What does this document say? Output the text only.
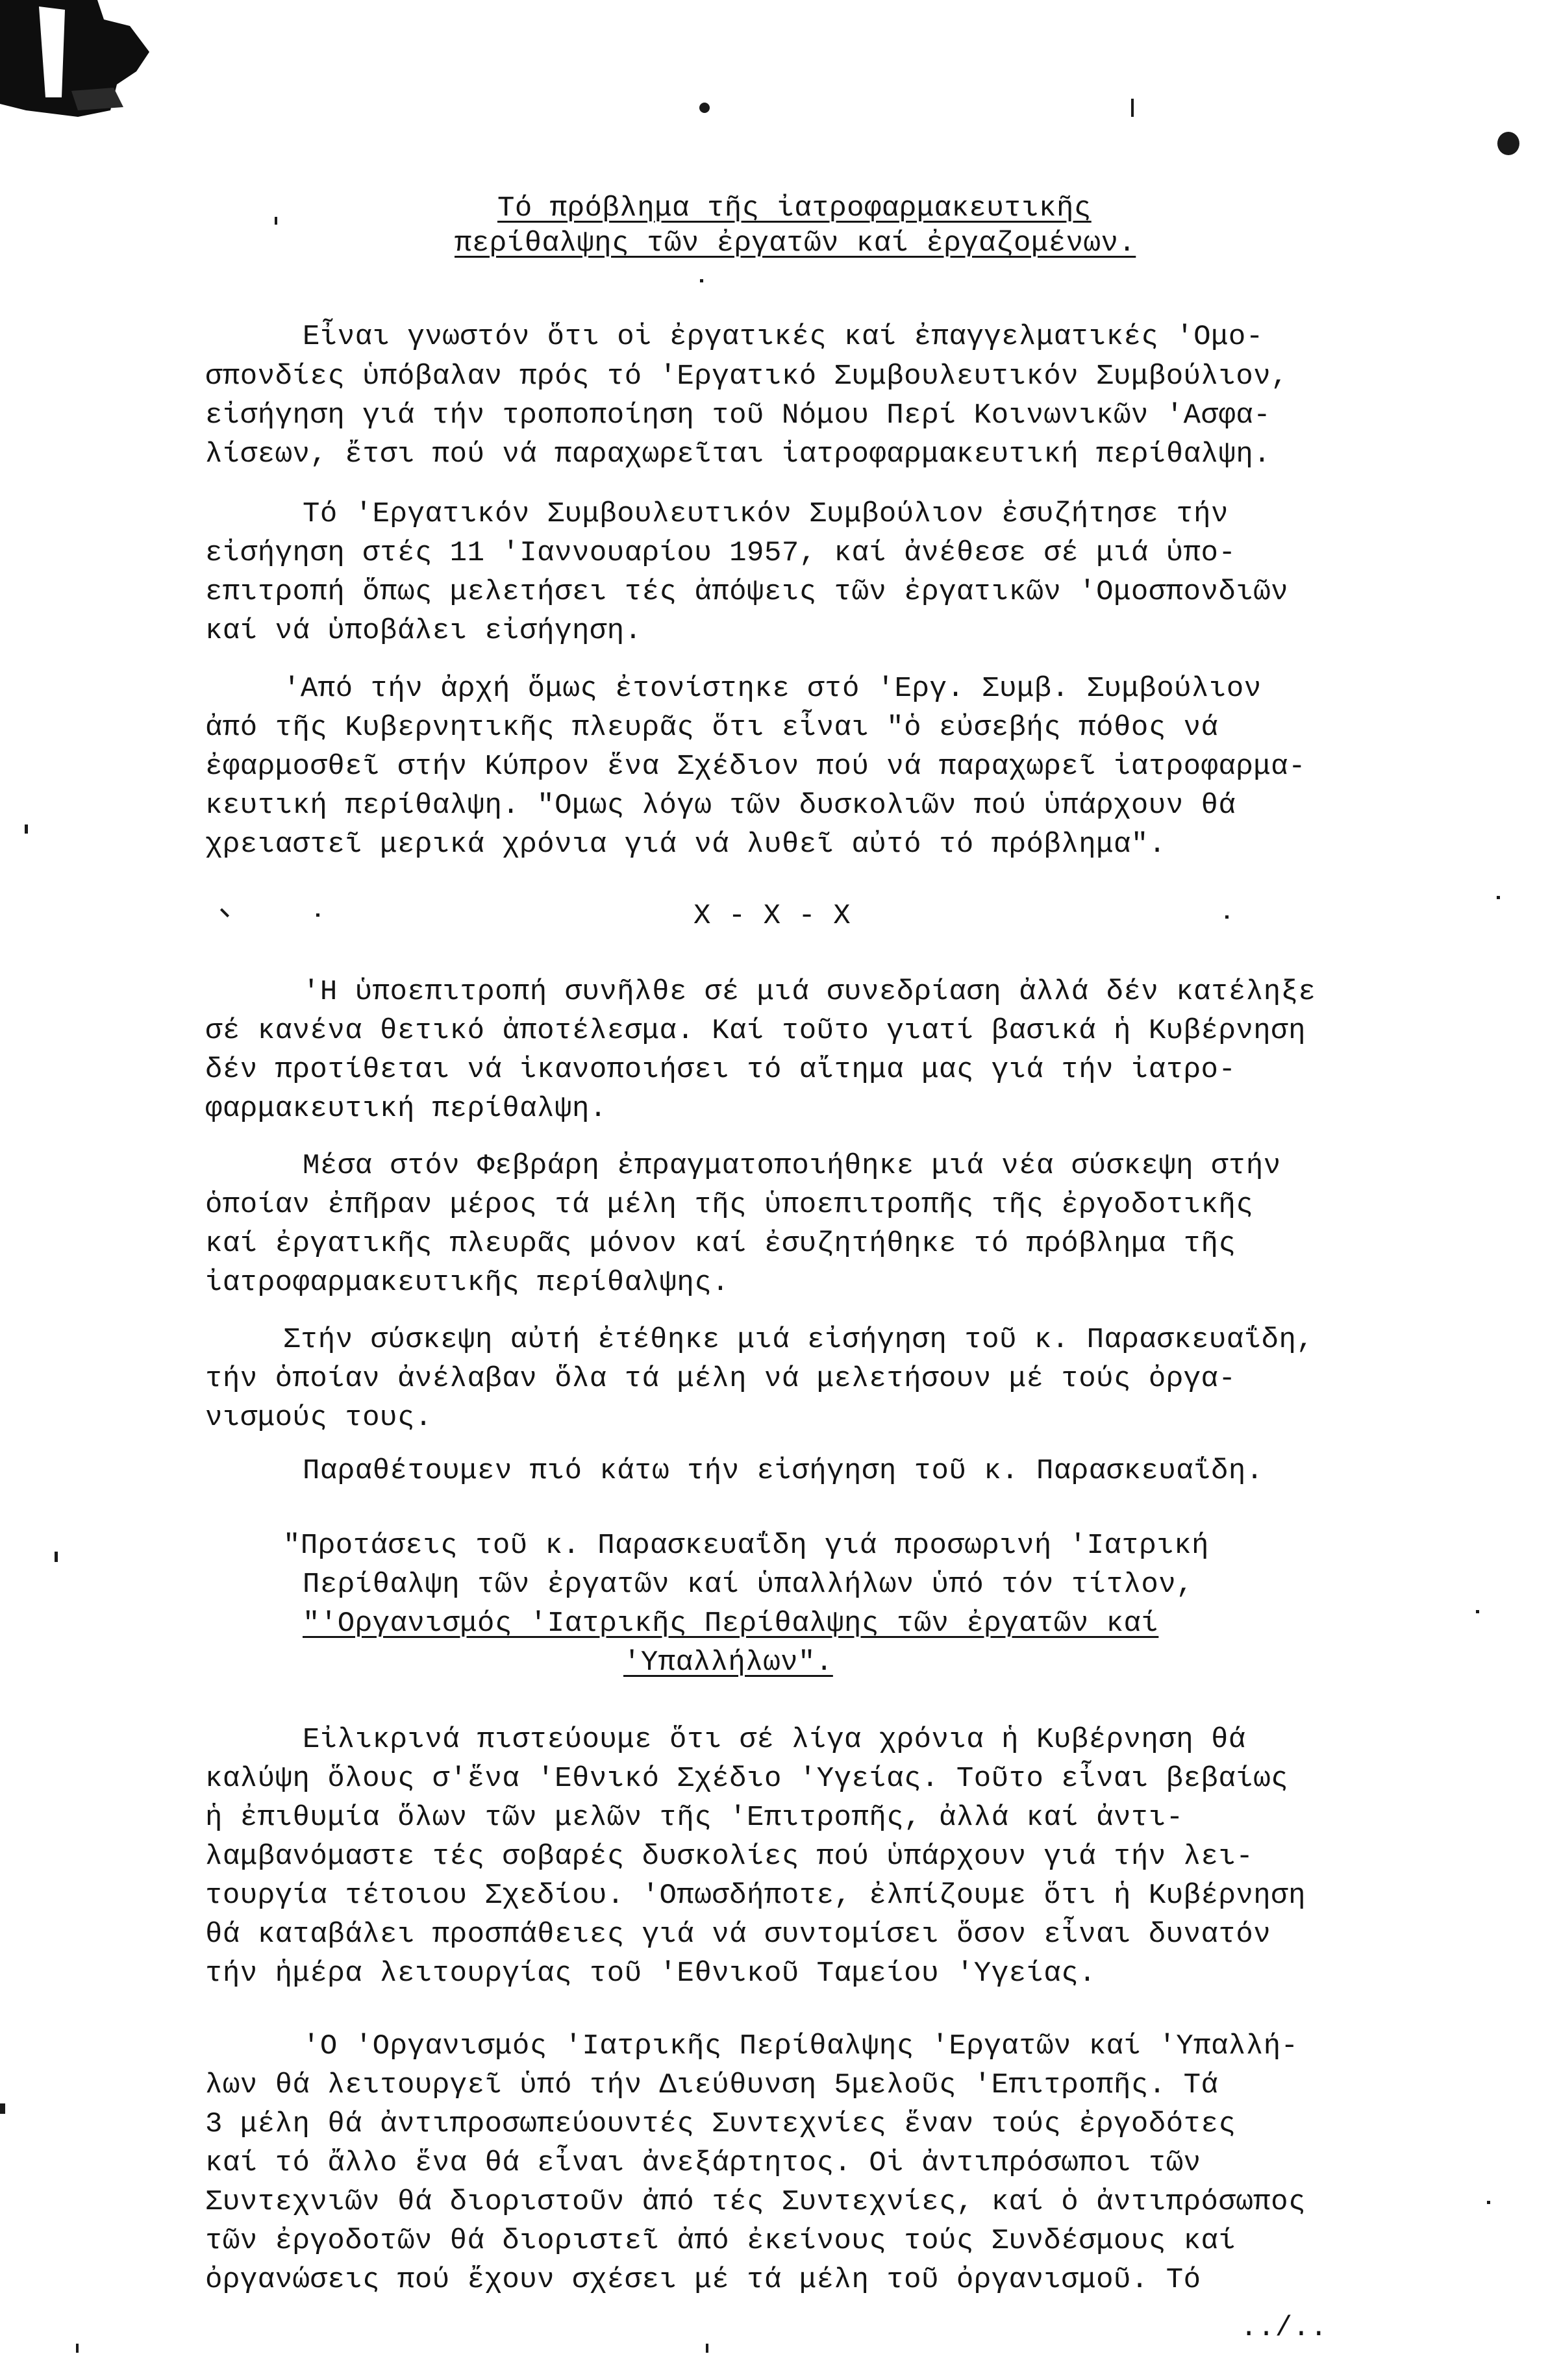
Τό πρόβλημα τῆς ἰατροφαρμακευτικῆς
περίθαλψης τῶν ἐργατῶν καί ἐργαζομένων.
Εἶναι γνωστόν ὅτι οἱ ἐργατικές καί ἐπαγγελματικές 'Ομο-
σπονδίες ὑπόβαλαν πρός τό 'Εργατικό Συμβουλευτικόν Συμβούλιον,
εἰσήγηση γιά τήν τροποποίηση τοῦ Νόμου Περί Κοινωνικῶν 'Ασφα-
λίσεων, ἔτσι πού νά παραχωρεῖται ἰατροφαρμακευτική περίθαλψη.
Τό 'Εργατικόν Συμβουλευτικόν Συμβούλιον ἐσυζήτησε τήν
εἰσήγηση στές 11 'Ιαννουαρίου 1957, καί ἀνέθεσε σέ μιά ὑπο-
επιτροπή ὅπως μελετήσει τές ἀπόψεις τῶν ἐργατικῶν 'Ομοσπονδιῶν
καί νά ὑποβάλει εἰσήγηση.
'Από τήν ἀρχή ὅμως ἐτονίστηκε στό 'Εργ. Συμβ. Συμβούλιον
ἀπό τῆς Κυβερνητικῆς πλευρᾶς ὅτι εἶναι "ὁ εὐσεβής πόθος νά
ἐφαρμοσθεῖ στήν Κύπρον ἕνα Σχέδιον πού νά παραχωρεῖ ἰατροφαρμα-
κευτική περίθαλψη. "Ομως λόγω τῶν δυσκολιῶν πού ὑπάρχουν θά
χρειαστεῖ μερικά χρόνια γιά νά λυθεῖ αὐτό τό πρόβλημα".
X - X - X
'Η ὑποεπιτροπή συνῆλθε σέ μιά συνεδρίαση ἀλλά δέν κατέληξε
σέ κανένα θετικό ἀποτέλεσμα. Καί τοῦτο γιατί βασικά ἡ Κυβέρνηση
δέν προτίθεται νά ἱκανοποιήσει τό αἴτημα μας γιά τήν ἰατρο-
φαρμακευτική περίθαλψη.
Μέσα στόν Φεβράρη ἐπραγματοποιήθηκε μιά νέα σύσκεψη στήν
ὁποίαν ἐπῆραν μέρος τά μέλη τῆς ὑποεπιτροπῆς τῆς ἐργοδοτικῆς
καί ἐργατικῆς πλευρᾶς μόνον καί ἐσυζητήθηκε τό πρόβλημα τῆς
ἰατροφαρμακευτικῆς περίθαλψης.
Στήν σύσκεψη αὐτή ἐτέθηκε μιά εἰσήγηση τοῦ κ. Παρασκευαΐδη,
τήν ὁποίαν ἀνέλαβαν ὅλα τά μέλη νά μελετήσουν μέ τούς ὀργα-
νισμούς τους.
Παραθέτουμεν πιό κάτω τήν εἰσήγηση τοῦ κ. Παρασκευαΐδη.
"Προτάσεις τοῦ κ. Παρασκευαΐδη γιά προσωρινή 'Ιατρική
Περίθαλψη τῶν ἐργατῶν καί ὑπαλλήλων ὑπό τόν τίτλον,
"'Οργανισμός 'Ιατρικῆς Περίθαλψης τῶν ἐργατῶν καί
'Υπαλλήλων".
Εἰλικρινά πιστεύουμε ὅτι σέ λίγα χρόνια ἡ Κυβέρνηση θά
καλύψη ὅλους σ'ἕνα 'Εθνικό Σχέδιο 'Υγείας. Τοῦτο εἶναι βεβαίως
ἡ ἐπιθυμία ὅλων τῶν μελῶν τῆς 'Επιτροπῆς, ἀλλά καί ἀντι-
λαμβανόμαστε τές σοβαρές δυσκολίες πού ὑπάρχουν γιά τήν λει-
τουργία τέτοιου Σχεδίου. 'Οπωσδήποτε, ἐλπίζουμε ὅτι ἡ Κυβέρνηση
θά καταβάλει προσπάθειες γιά νά συντομίσει ὅσον εἶναι δυνατόν
τήν ἡμέρα λειτουργίας τοῦ 'Εθνικοῦ Ταμείου 'Υγείας.
'Ο 'Οργανισμός 'Ιατρικῆς Περίθαλψης 'Εργατῶν καί 'Υπαλλή-
λων θά λειτουργεῖ ὑπό τήν Διεύθυνση 5μελοῦς 'Επιτροπῆς. Τά
3 μέλη θά ἀντιπροσωπεύουντές Συντεχνίες ἕναν τούς ἐργοδότες
καί τό ἄλλο ἕνα θά εἶναι ἀνεξάρτητος. Οἱ ἀντιπρόσωποι τῶν
Συντεχνιῶν θά διοριστοῦν ἀπό τές Συντεχνίες, καί ὁ ἀντιπρόσωπος
τῶν ἐργοδοτῶν θά διοριστεῖ ἀπό ἐκείνους τούς Συνδέσμους καί
ὀργανώσεις πού ἔχουν σχέσει μέ τά μέλη τοῦ ὀργανισμοῦ. Τό
../..
